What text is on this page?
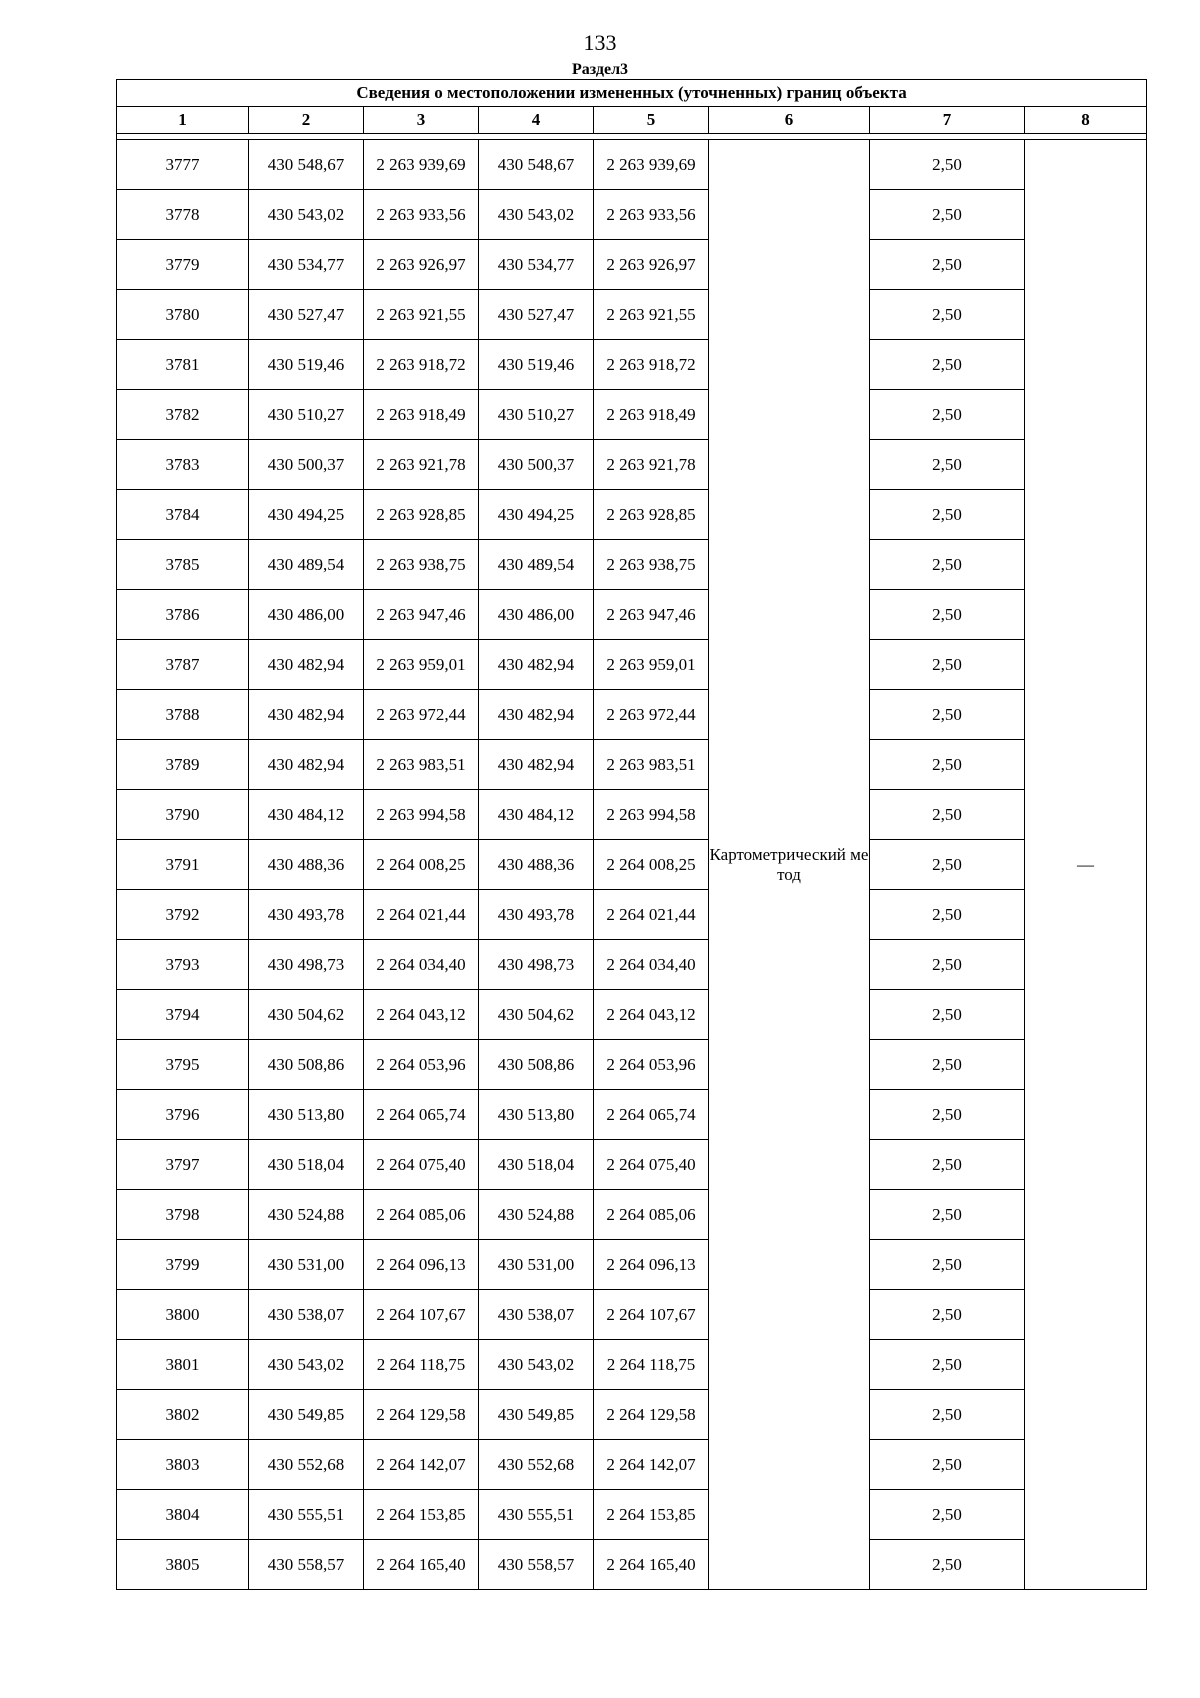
133
Раздел3
Сведения о местоположении измененных (уточненных) границ объекта							
1	2	3	4	5	6	7	8

3777	430 548,67	2 263 939,69	430 548,67	2 263 939,69	Картометрический метод	2,50	—
3778	430 543,02	2 263 933,56	430 543,02	2 263 933,56		2,50	
3779	430 534,77	2 263 926,97	430 534,77	2 263 926,97		2,50	
3780	430 527,47	2 263 921,55	430 527,47	2 263 921,55		2,50	
3781	430 519,46	2 263 918,72	430 519,46	2 263 918,72		2,50	
3782	430 510,27	2 263 918,49	430 510,27	2 263 918,49		2,50	
3783	430 500,37	2 263 921,78	430 500,37	2 263 921,78		2,50	
3784	430 494,25	2 263 928,85	430 494,25	2 263 928,85		2,50	
3785	430 489,54	2 263 938,75	430 489,54	2 263 938,75		2,50	
3786	430 486,00	2 263 947,46	430 486,00	2 263 947,46		2,50	
3787	430 482,94	2 263 959,01	430 482,94	2 263 959,01		2,50	
3788	430 482,94	2 263 972,44	430 482,94	2 263 972,44		2,50	
3789	430 482,94	2 263 983,51	430 482,94	2 263 983,51		2,50	
3790	430 484,12	2 263 994,58	430 484,12	2 263 994,58		2,50	
3791	430 488,36	2 264 008,25	430 488,36	2 264 008,25		2,50	
3792	430 493,78	2 264 021,44	430 493,78	2 264 021,44		2,50	
3793	430 498,73	2 264 034,40	430 498,73	2 264 034,40		2,50	
3794	430 504,62	2 264 043,12	430 504,62	2 264 043,12		2,50	
3795	430 508,86	2 264 053,96	430 508,86	2 264 053,96		2,50	
3796	430 513,80	2 264 065,74	430 513,80	2 264 065,74		2,50	
3797	430 518,04	2 264 075,40	430 518,04	2 264 075,40		2,50	
3798	430 524,88	2 264 085,06	430 524,88	2 264 085,06		2,50	
3799	430 531,00	2 264 096,13	430 531,00	2 264 096,13		2,50	
3800	430 538,07	2 264 107,67	430 538,07	2 264 107,67		2,50	
3801	430 543,02	2 264 118,75	430 543,02	2 264 118,75		2,50	
3802	430 549,85	2 264 129,58	430 549,85	2 264 129,58		2,50	
3803	430 552,68	2 264 142,07	430 552,68	2 264 142,07		2,50	
3804	430 555,51	2 264 153,85	430 555,51	2 264 153,85		2,50	
3805	430 558,57	2 264 165,40	430 558,57	2 264 165,40		2,50	
